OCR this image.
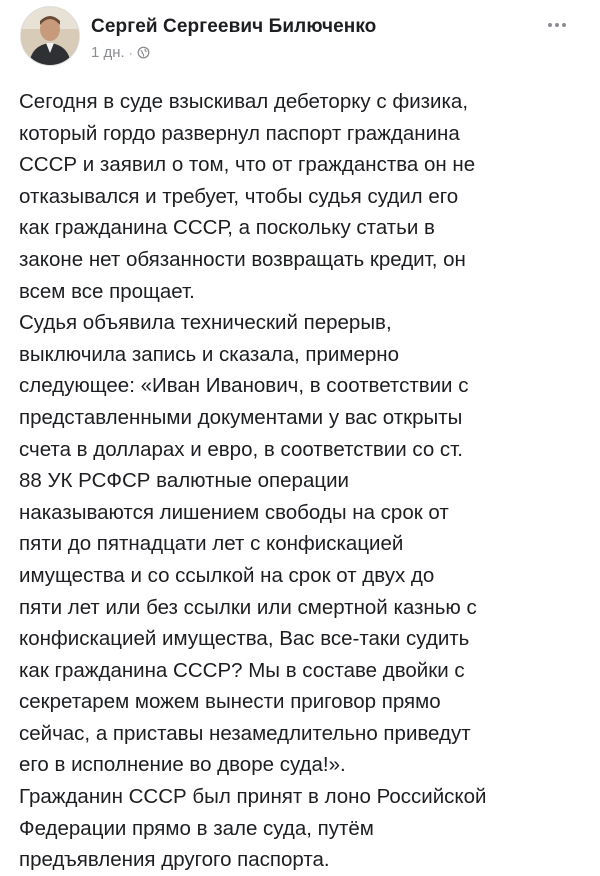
Сергей Сергеевич Билюченко
1 дн. ·

Сегодня в суде взыскивал дебеторку с физика,
который гордо развернул паспорт гражданина
СССР и заявил о том, что от гражданства он не
отказывался и требует, чтобы судья судил его
как гражданина СССР, а поскольку статьи в
законе нет обязанности возвращать кредит, он
всем все прощает.

Судья объявила технический перерыв,
выключила запись и сказала, примерно
следующее: «Иван Иванович, в соответствии с
представленными документами у вас открыты
счета в долларах и евро, в соответствии со ст.
88 УК РСФСР валютные операции
наказываются лишением свободы на срок от
пяти до пятнадцати лет с конфискацией
имущества и со ссылкой на срок от двух до
пяти лет или без ссылки или смертной казнью с
конфискацией имущества, Вас все-таки судить
как гражданина СССР? Мы в составе двойки с
секретарем можем вынести приговор прямо
сейчас, а приставы незамедлительно приведут
его в исполнение во дворе суда!».

Гражданин СССР был принят в лоно Российской
Федерации прямо в зале суда, путём
предъявления другого паспорта.
